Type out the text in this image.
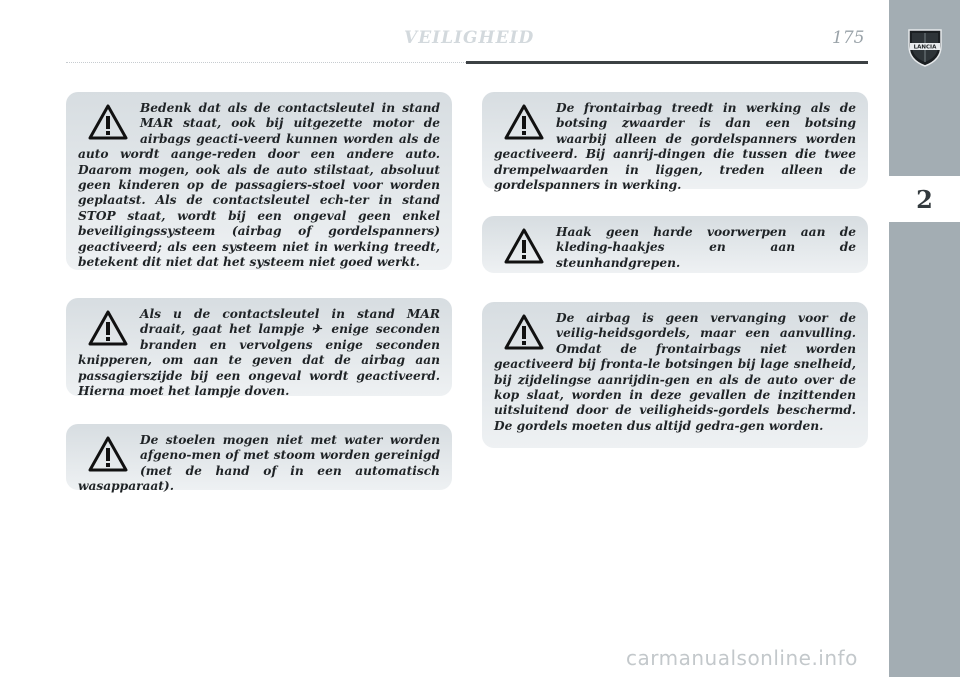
VEILIGHEID	175	LANCIA
2
Bedenk dat als de contactsleutel in stand MAR staat, ook bij uitgezette motor de airbags geacti-veerd kunnen worden als de auto wordt aange-reden door een andere auto. Daarom mogen, ook als de auto stilstaat, absoluut geen kinderen op de passagiers-stoel voor worden geplaatst. Als de contactsleutel ech-ter in stand STOP staat, wordt bij een ongeval geen enkel beveiligingssysteem (airbag of gordelspanners) geactiveerd; als een systeem niet in werking treedt, betekent dit niet dat het systeem niet goed werkt.
Als u de contactsleutel in stand MAR draait, gaat het lampje ✈ enige seconden branden en vervolgens enige seconden knipperen, om aan te geven dat de airbag aan passagierszijde bij een ongeval wordt geactiveerd. Hierna moet het lampje doven.
De stoelen mogen niet met water worden afgeno-men of met stoom worden gereinigd (met de hand of in een automatisch wasapparaat).
De frontairbag treedt in werking als de botsing zwaarder is dan een botsing waarbij alleen de gordelspanners worden geactiveerd. Bij aanrij-dingen die tussen die twee drempelwaarden in liggen, treden alleen de gordelspanners in werking.
Haak geen harde voorwerpen aan de kleding-haakjes en aan de steunhandgrepen.
De airbag is geen vervanging voor de veilig-heidsgordels, maar een aanvulling. Omdat de frontairbags niet worden geactiveerd bij fronta-le botsingen bij lage snelheid, bij zijdelingse aanrijdin-gen en als de auto over de kop slaat, worden in deze gevallen de inzittenden uitsluitend door de veiligheids-gordels beschermd. De gordels moeten dus altijd gedra-gen worden.
carmanualsonline.info
